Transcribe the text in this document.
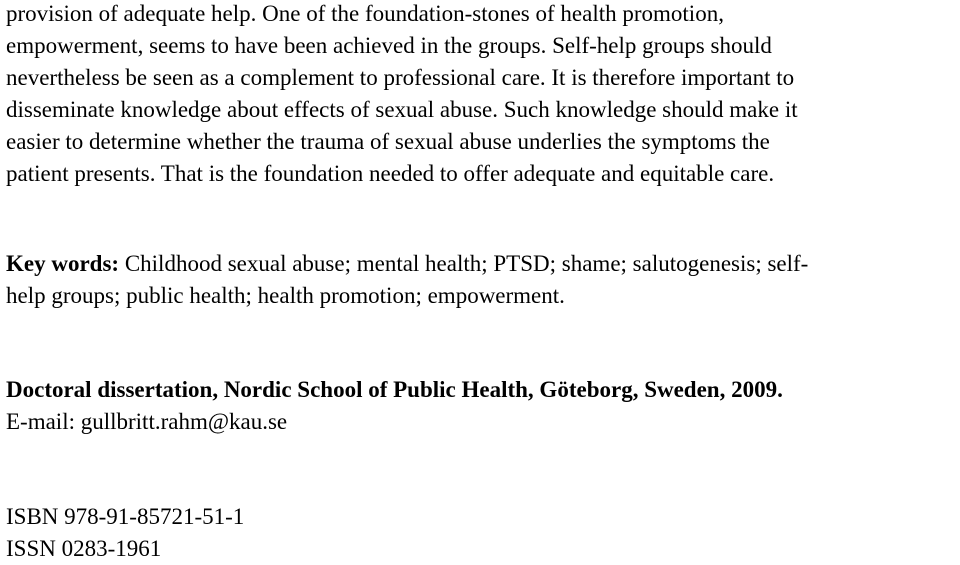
provision of adequate help. One of the foundation-stones of health promotion,
empowerment, seems to have been achieved in the groups. Self-help groups should
nevertheless be seen as a complement to professional care. It is therefore important to
disseminate knowledge about effects of sexual abuse. Such knowledge should make it
easier to determine whether the trauma of sexual abuse underlies the symptoms the
patient presents. That is the foundation needed to offer adequate and equitable care.
Key words: Childhood sexual abuse; mental health; PTSD; shame; salutogenesis; self-
help groups; public health; health promotion; empowerment.
Doctoral dissertation, Nordic School of Public Health, Göteborg, Sweden, 2009.
E-mail: gullbritt.rahm@kau.se
ISBN 978-91-85721-51-1
ISSN 0283-1961
